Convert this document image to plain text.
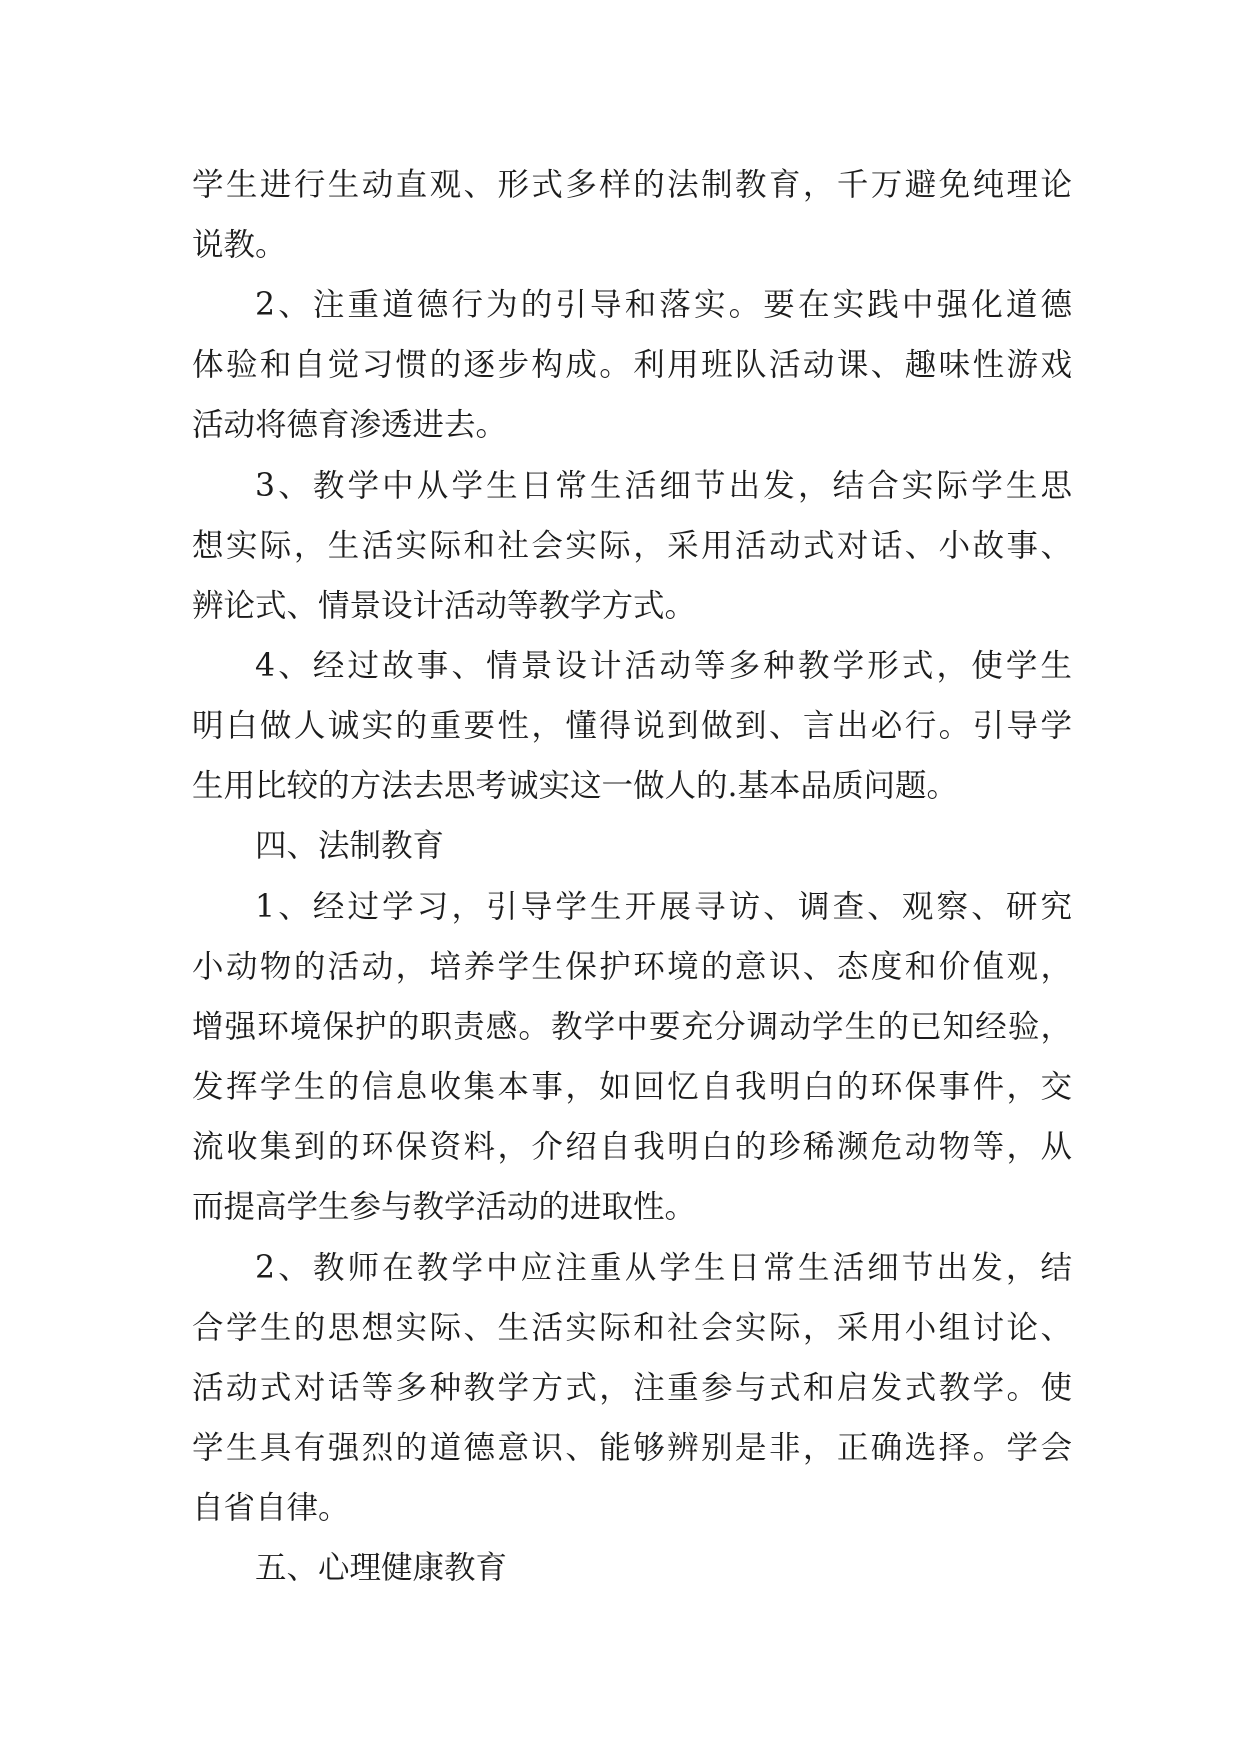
学生进行生动直观、形式多样的法制教育，千万避免纯理论
说教。
2、注重道德行为的引导和落实。要在实践中强化道德
体验和自觉习惯的逐步构成。利用班队活动课、趣味性游戏
活动将德育渗透进去。
3、教学中从学生日常生活细节出发，结合实际学生思
想实际，生活实际和社会实际，采用活动式对话、小故事、
辨论式、情景设计活动等教学方式。
4、经过故事、情景设计活动等多种教学形式，使学生
明白做人诚实的重要性，懂得说到做到、言出必行。引导学
生用比较的方法去思考诚实这一做人的.基本品质问题。
四、法制教育
1、经过学习，引导学生开展寻访、调查、观察、研究
小动物的活动，培养学生保护环境的意识、态度和价值观，
增强环境保护的职责感。教学中要充分调动学生的已知经验，
发挥学生的信息收集本事，如回忆自我明白的环保事件，交
流收集到的环保资料，介绍自我明白的珍稀濒危动物等，从
而提高学生参与教学活动的进取性。
2、教师在教学中应注重从学生日常生活细节出发，结
合学生的思想实际、生活实际和社会实际，采用小组讨论、
活动式对话等多种教学方式，注重参与式和启发式教学。使
学生具有强烈的道德意识、能够辨别是非，正确选择。学会
自省自律。
五、心理健康教育
